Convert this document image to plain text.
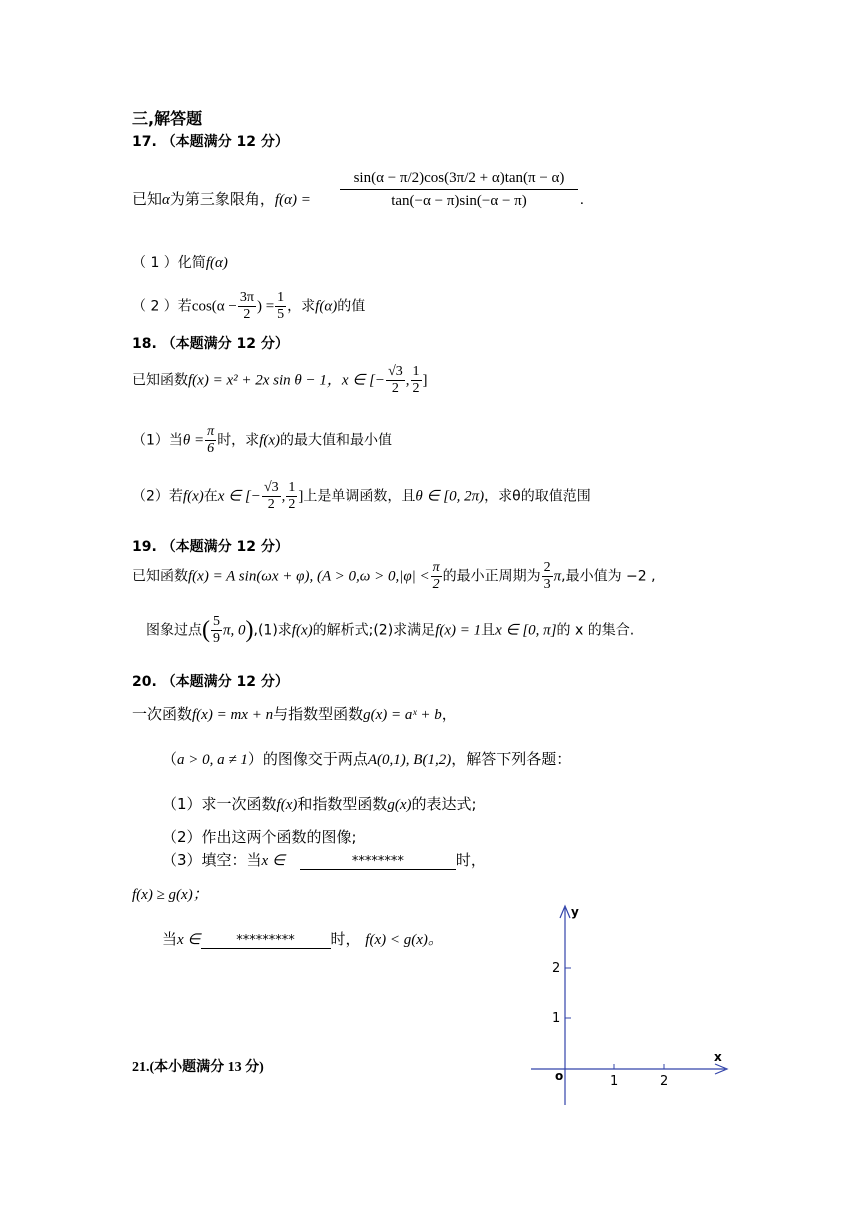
三,解答题
17. （本题满分 12 分）
已知α为第三象限角，$f(\alpha) = \frac{\sin(\alpha - \pi/2)\cos(3\pi/2 + \alpha)\tan(\pi - \alpha)}{\tan(-\alpha - \pi)\sin(-\alpha - \pi)}$ .
（ 1 ）化简f(α)
（ 2 ）若$\cos(\alpha - \frac{3\pi}{2}$ ) = $\frac{1}{5}$ ，求f(α)的值
18. （本题满分 12 分）
已知函数f(x) = x² + 2x sin θ − 1，x ∈ [− $\frac{√3}{2}$ , $\frac{1}{2}$ ]
（1）当$\theta = \frac{\pi}{6}$ 时，求f(x)的最大值和最小值
（2）若f(x)在x ∈ [− $\frac{√3}{2}$ , $\frac{1}{2}$ ]上是单调函数，且θ ∈ [0, 2π)，求θ的取值范围
19. （本题满分 12 分）
已知函数f(x) = A sin(ωx + φ), ($A > 0,\omega > 0,|\varphi| < \frac{\pi}{2}$ 的最小正周期为 $\frac{2}{3} \pi$,最小值为 −2 ,
图象过点( $\frac{5}{9} \pi$, 0),(1)求f(x)的解析式;(2)求满足f(x) = 1且x ∈ [0, π]的 x 的集合.
20. （本题满分 12 分）
一次函数f(x) = mx + n与指数型函数g(x) = aˣ + b，
（a > 0, a ≠ 1）的图像交于两点A(0,1), B(1,2)，解答下列各题：
（1）求一次函数f(x)和指数型函数g(x)的表达式;
（2）作出这两个函数的图像;
（3）填空：当x ∈	********	时，
f(x) ≥ g(x)；
当x ∈	********* 时， f(x) < g(x)。
21.(本小题满分 13 分)
y
x
o
2
1
1	2
